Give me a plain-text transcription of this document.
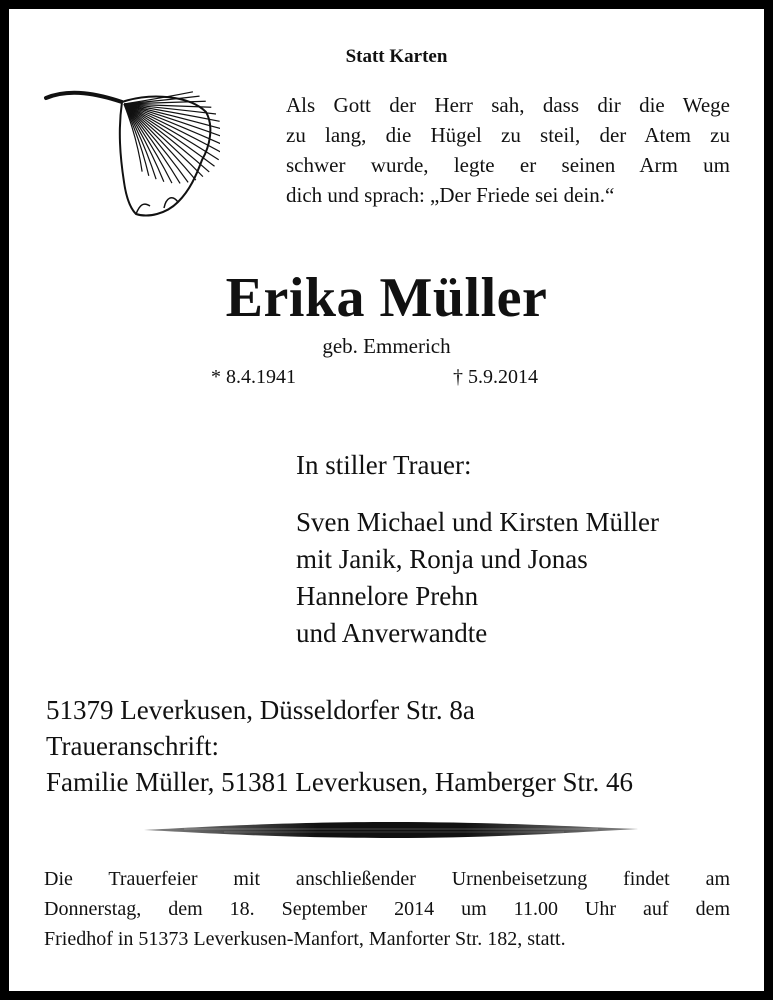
Statt Karten
Als Gott der Herr sah, dass dir die Wege
zu lang, die Hügel zu steil, der Atem zu
schwer wurde, legte er seinen Arm um
dich und sprach: „Der Friede sei dein.“
Erika Müller
geb. Emmerich
* 8.4.1941	† 5.9.2014
In stiller Trauer:
Sven Michael und Kirsten Müller
mit Janik, Ronja und Jonas
Hannelore Prehn
und Anverwandte
51379 Leverkusen, Düsseldorfer Str. 8a
Traueranschrift:
Familie Müller, 51381 Leverkusen, Hamberger Str. 46
Die Trauerfeier mit anschließender Urnenbeisetzung findet am
Donnerstag, dem 18. September 2014 um 11.00 Uhr auf dem
Friedhof in 51373 Leverkusen-Manfort, Manforter Str. 182, statt.
